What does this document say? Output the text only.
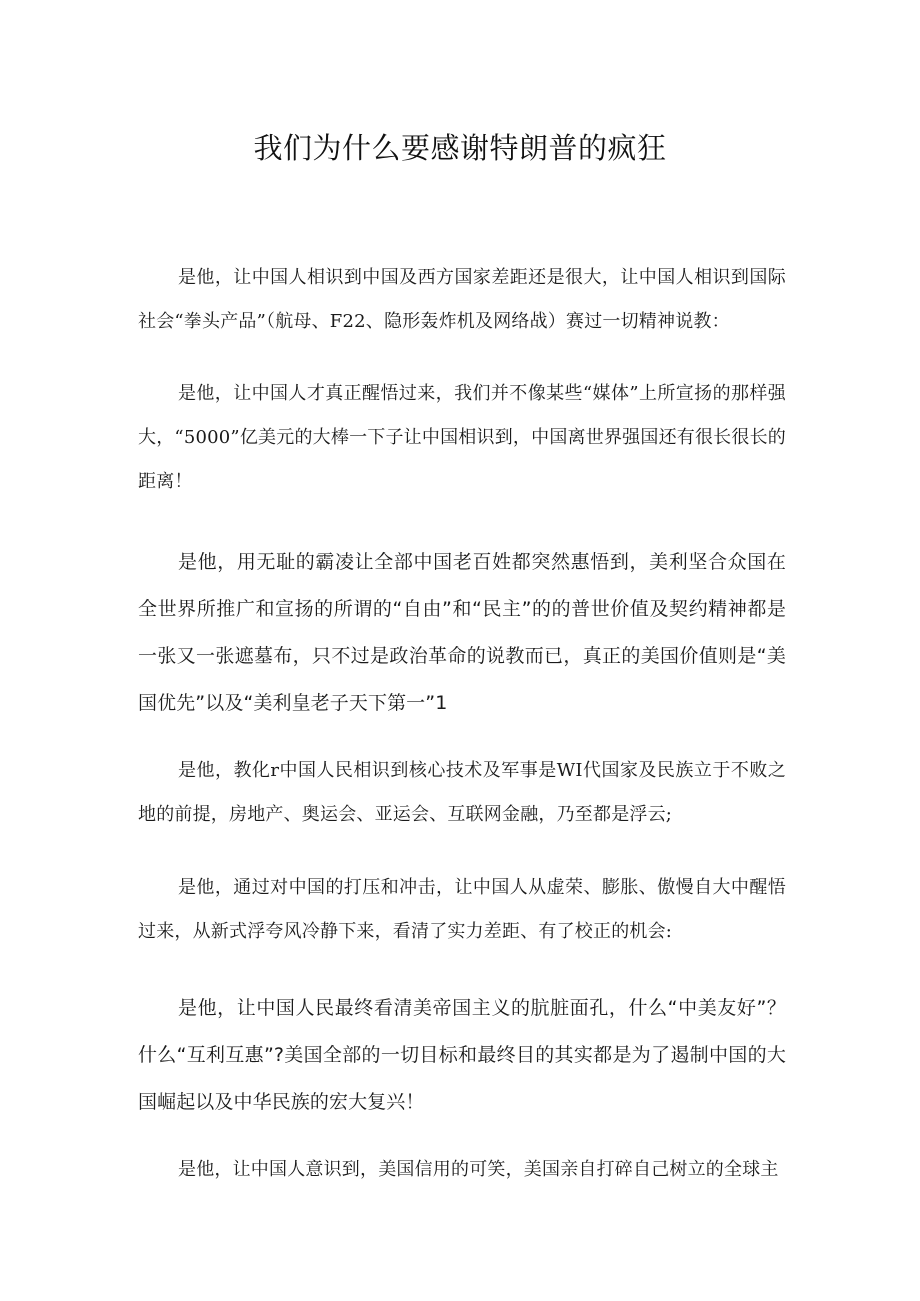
我们为什么要感谢特朗普的疯狂

是他，让中国人相识到中国及西方国家差距还是很大，让中国人相识到国际社会“拳头产品”（航母、F22、隐形轰炸机及网络战）赛过一切精神说教：

是他，让中国人才真正醒悟过来，我们并不像某些“媒体”上所宣扬的那样强大，“5000”亿美元的大棒一下子让中国相识到，中国离世界强国还有很长很长的距离！

是他，用无耻的霸凌让全部中国老百姓都突然惠悟到，美利坚合众国在全世界所推广和宣扬的所谓的“自由”和“民主”的的普世价值及契约精神都是一张又一张遮墓布，只不过是政治革命的说教而已，真正的美国价值则是“美国优先”以及“美利皇老子天下第一”1

是他，教化r中国人民相识到核心技术及军事是WI代国家及民族立于不败之地的前提，房地产、奥运会、亚运会、互联网金融，乃至都是浮云;

是他，通过对中国的打压和冲击，让中国人从虚荣、膨胀、傲慢自大中醒悟过来，从新式浮夸风冷静下来，看清了实力差距、有了校正的机会:

是他，让中国人民最终看清美帝国主义的肮脏面孔，什么“中美友好”？什么“互利互惠”?美国全部的一切目标和最终目的其实都是为了遏制中国的大国崛起以及中华民族的宏大复兴！

是他，让中国人意识到，美国信用的可笑，美国亲自打碎自己树立的全球主
